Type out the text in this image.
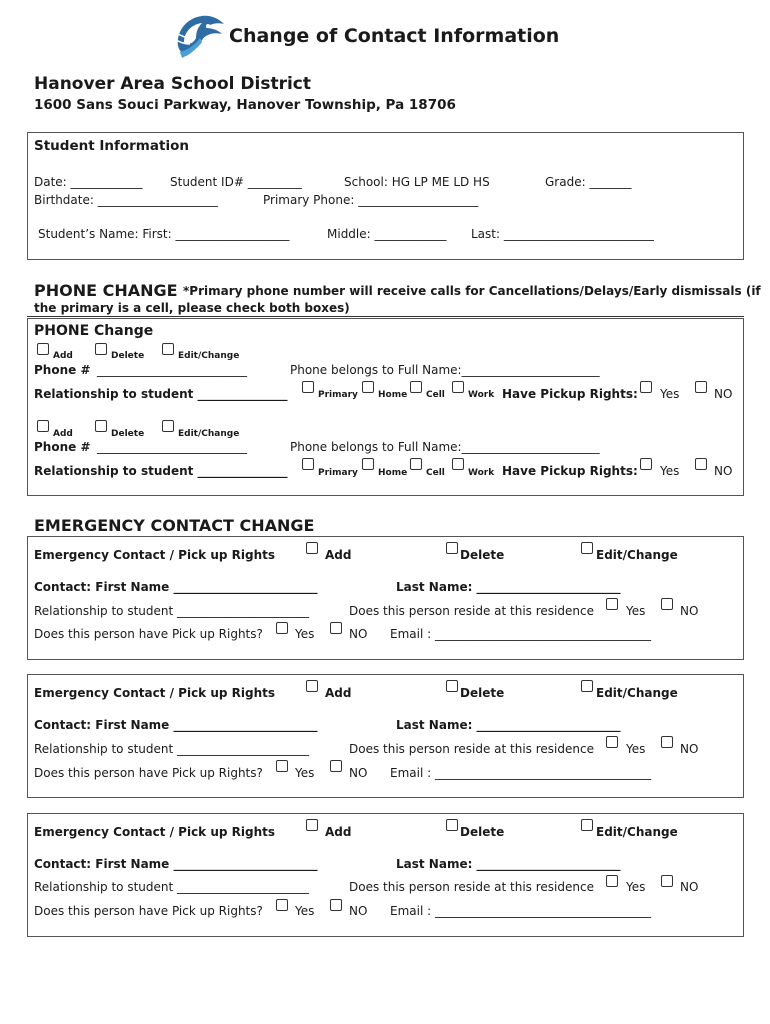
Change of Contact Information
Hanover Area School District
1600 Sans Souci Parkway, Hanover Township, Pa 18706
Student Information
Date: ____________ Student ID# _________	School: HG LP ME LD HS	Grade: _______
Birthdate: ____________________	Primary Phone: ____________________
Student’s Name: First: ___________________	Middle: ____________ Last: _________________________
PHONE CHANGE *Primary phone number will receive calls for Cancellations/Delays/Early dismissals (if
the primary is a cell, please check both boxes)
PHONE Change
Add	Delete	Edit/Change
Phone # _________________________	Phone belongs to Full Name:_______________________
Relationship to student _______________	Primary Home Cell	Work Have Pickup Rights: Yes	NO
Add	Delete	Edit/Change
Phone # _________________________	Phone belongs to Full Name:_______________________
Relationship to student _______________	Primary Home Cell	Work Have Pickup Rights: Yes	NO
EMERGENCY CONTACT CHANGE
Emergency Contact / Pick up Rights	Add	Delete	Edit/Change
Contact: First Name ________________________	Last Name: ________________________
Relationship to student ______________________	Does this person reside at this residence	Yes	NO
Does this person have Pick up Rights?	Yes	NO Email : ____________________________________
Emergency Contact / Pick up Rights	Add	Delete	Edit/Change
Contact: First Name ________________________	Last Name: ________________________
Relationship to student ______________________	Does this person reside at this residence	Yes	NO
Does this person have Pick up Rights?	Yes	NO Email : ____________________________________
Emergency Contact / Pick up Rights	Add	Delete	Edit/Change
Contact: First Name ________________________	Last Name: ________________________
Relationship to student ______________________	Does this person reside at this residence	Yes	NO
Does this person have Pick up Rights?	Yes	NO Email : ____________________________________
